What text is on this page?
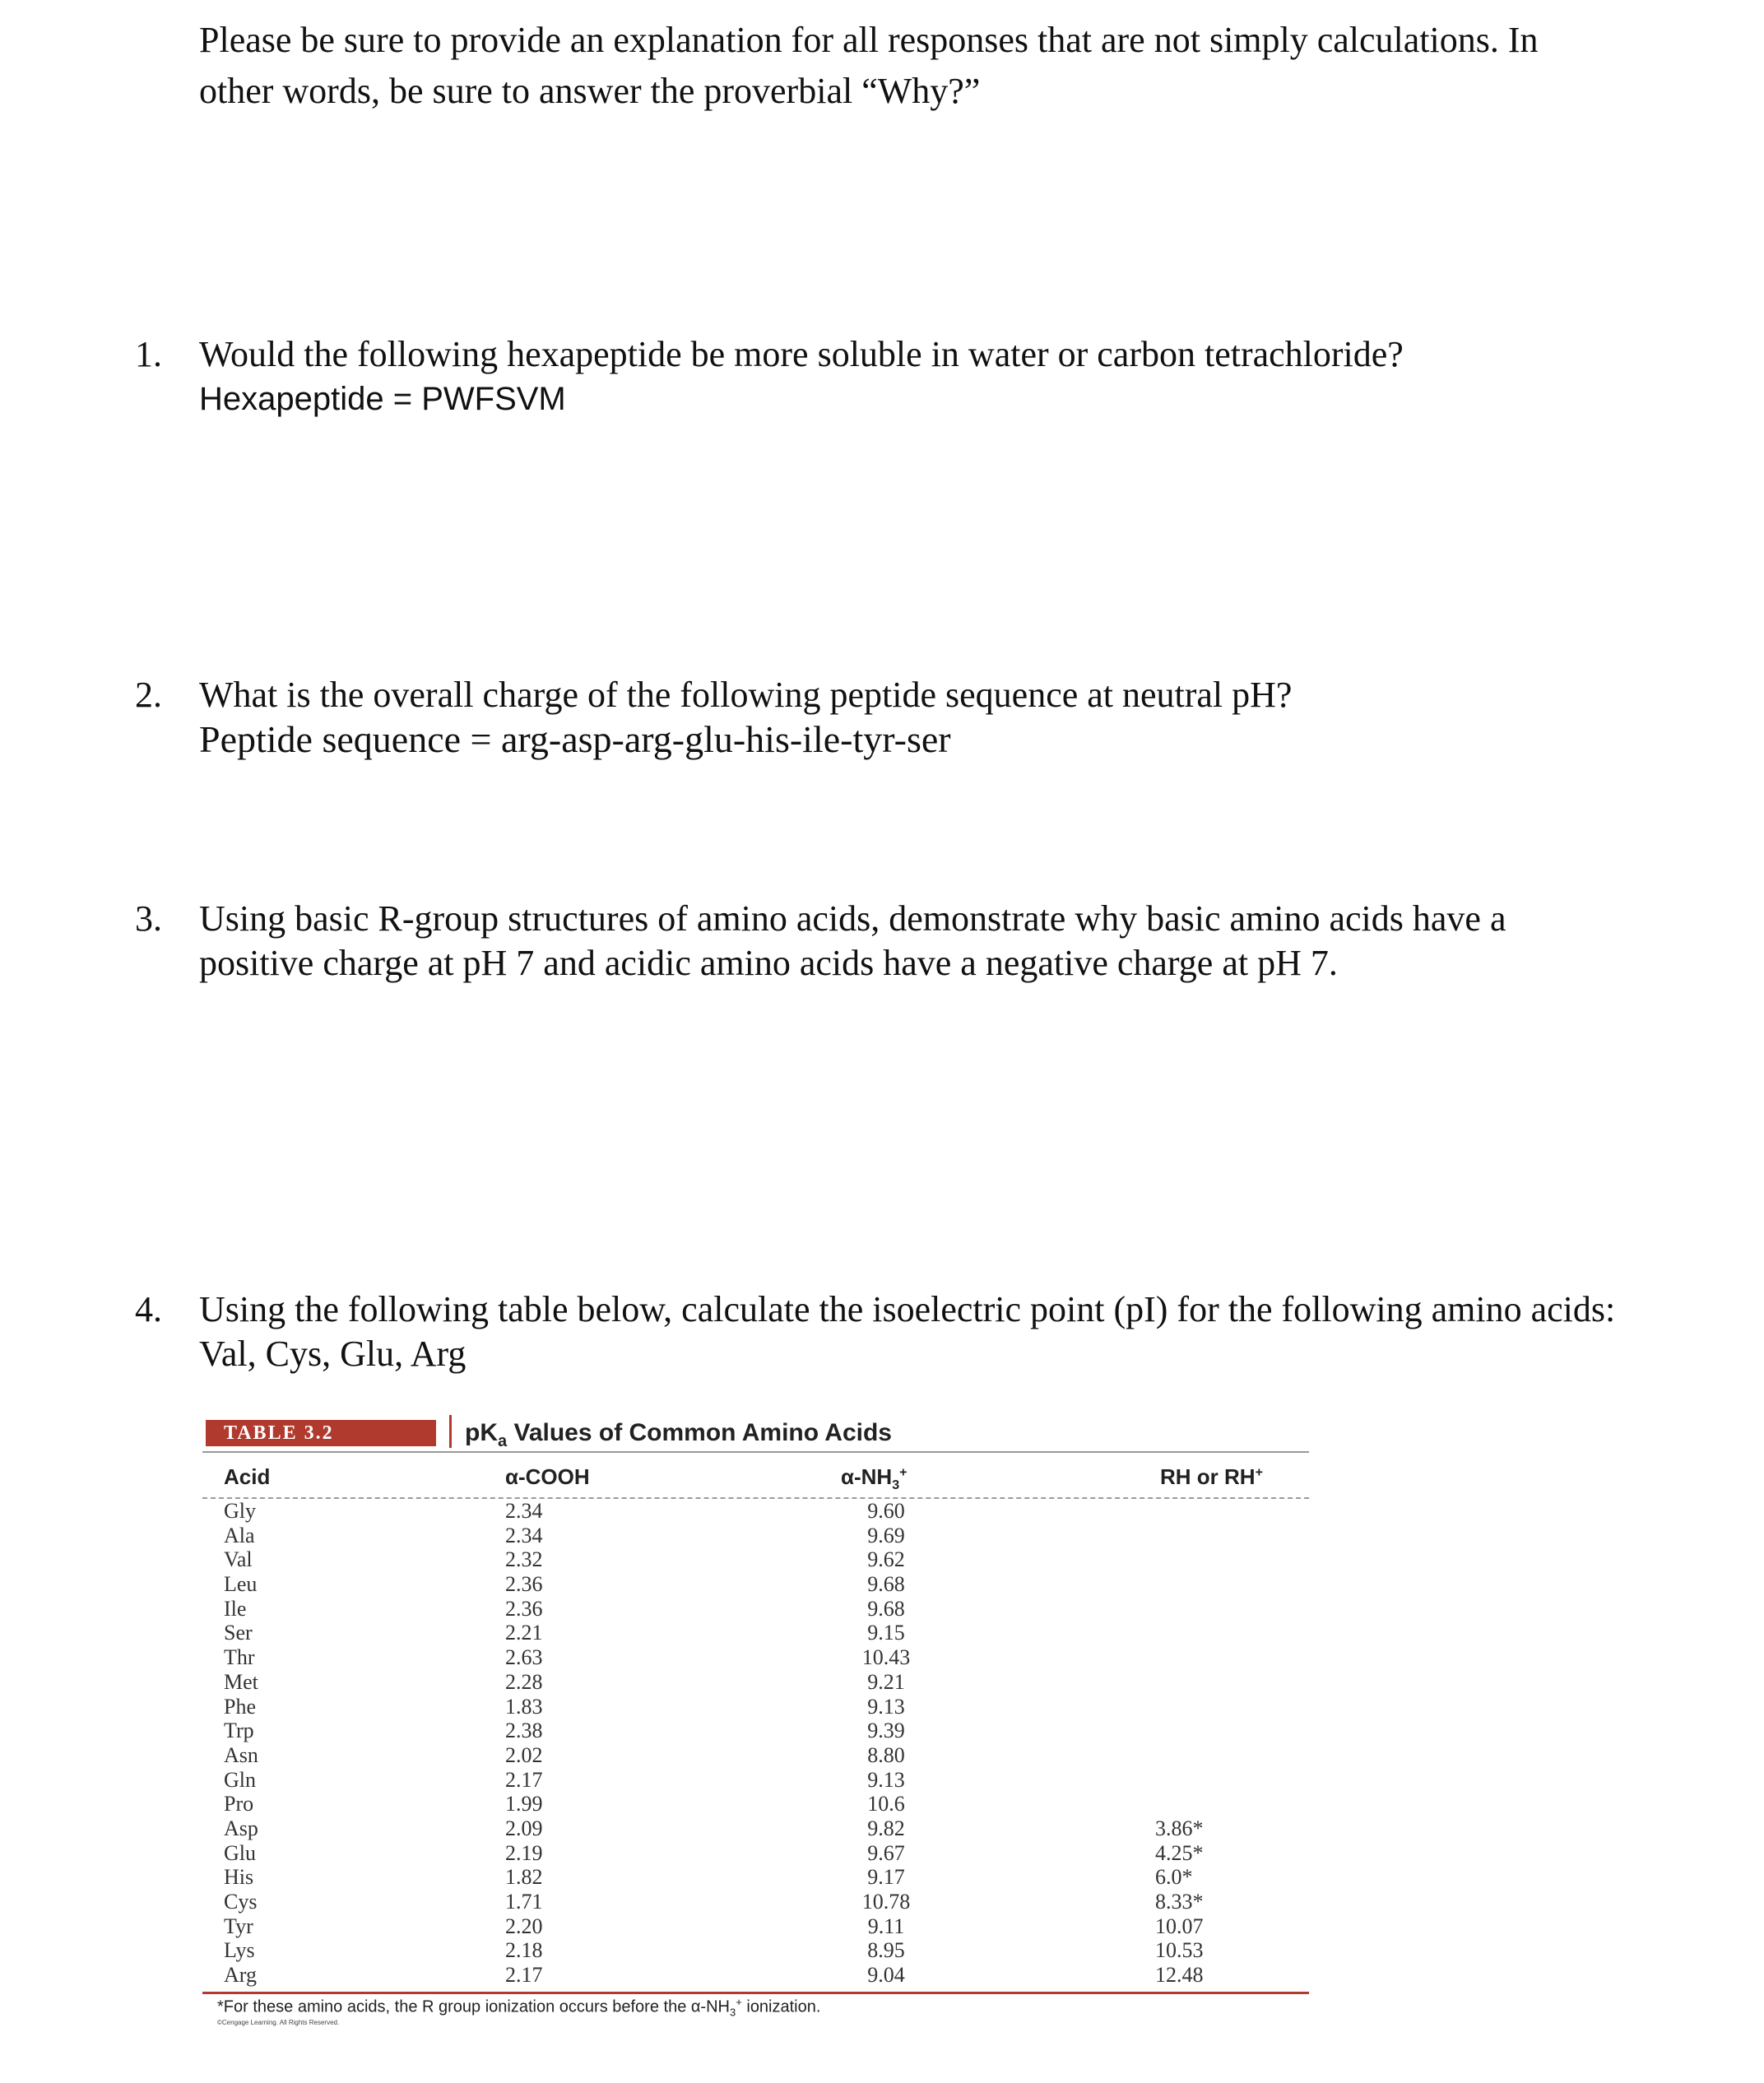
Please be sure to provide an explanation for all responses that are not simply calculations. In
other words, be sure to answer the proverbial “Why?”
1.	Would the following hexapeptide be more soluble in water or carbon tetrachloride?
Hexapeptide = PWFSVM
2.	What is the overall charge of the following peptide sequence at neutral pH?
Peptide sequence = arg-asp-arg-glu-his-ile-tyr-ser
3.	Using basic R-group structures of amino acids, demonstrate why basic amino acids have a
positive charge at pH 7 and acidic amino acids have a negative charge at pH 7.
4.	Using the following table below, calculate the isoelectric point (pI) for the following amino acids:
Val, Cys, Glu, Arg
TABLE 3.2	$pK_a$ Values of Common Amino Acids
Acid	α-COOH	$\alpha-NH_3^+$	RH or RH+
Gly	2.34	9.60
Ala	2.34	9.69
Val	2.32	9.62
Leu	2.36	9.68
Ile	2.36	9.68
Ser	2.21	9.15
Thr	2.63	10.43
Met	2.28	9.21
Phe	1.83	9.13
Trp	2.38	9.39
Asn	2.02	8.80
Gln	2.17	9.13
Pro	1.99	10.6
Asp	2.09	9.82	3.86*
Glu	2.19	9.67	4.25*
His	1.82	9.17	6.0*
Cys	1.71	10.78	8.33*
Tyr	2.20	9.11	10.07
Lys	2.18	8.95	10.53
Arg	2.17	9.04	12.48
*For these amino acids, the R group ionization occurs before the $\alpha-NH_3^+$ ionization.
©Cengage Learning. All Rights Reserved.
